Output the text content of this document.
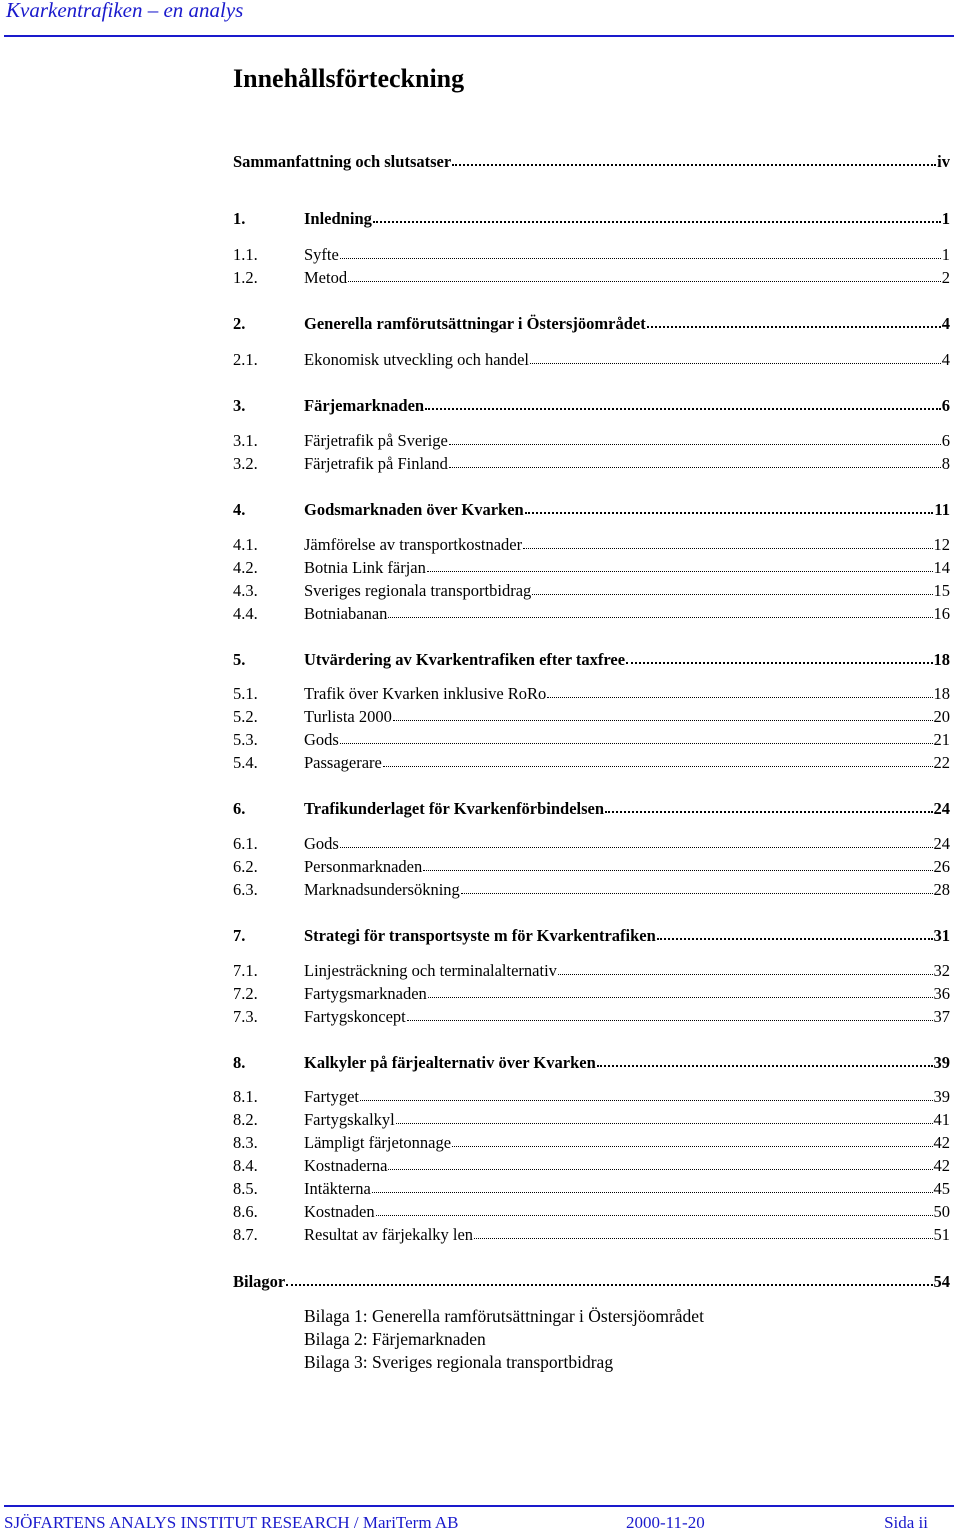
Kvarkentrafiken – en analys
Innehållsförteckning
Sammanfattning och slutsatser	iv
1.	Inledning	1
1.1.	Syfte	1
1.2.	Metod	2
2.	Generella ramförutsättningar i Östersjöområdet	4
2.1.	Ekonomisk utveckling och handel	4
3.	Färjemarknaden	6
3.1.	Färjetrafik på Sverige	6
3.2.	Färjetrafik på Finland	8
4.	Godsmarknaden över Kvarken	11
4.1.	Jämförelse av transportkostnader	12
4.2.	Botnia Link färjan	14
4.3.	Sveriges regionala transportbidrag	15
4.4.	Botniabanan	16
5.	Utvärdering av Kvarkentrafiken efter taxfree	18
5.1.	Trafik över Kvarken inklusive RoRo	18
5.2.	Turlista 2000	20
5.3.	Gods	21
5.4.	Passagerare	22
6.	Trafikunderlaget för Kvarkenförbindelsen	24
6.1.	Gods	24
6.2.	Personmarknaden	26
6.3.	Marknadsundersökning	28
7.	Strategi för transportsyste m för Kvarkentrafiken	31
7.1.	Linjesträckning och terminalalternativ	32
7.2.	Fartygsmarknaden	36
7.3.	Fartygskoncept	37
8.	Kalkyler på färjealternativ över Kvarken	39
8.1.	Fartyget	39
8.2.	Fartygskalkyl	41
8.3.	Lämpligt färjetonnage	42
8.4.	Kostnaderna	42
8.5.	Intäkterna	45
8.6.	Kostnaden	50
8.7.	Resultat av färjekalky len	51
Bilagor	54
Bilaga 1: Generella ramförutsättningar i Östersjöområdet
Bilaga 2: Färjemarknaden
Bilaga 3: Sveriges regionala transportbidrag
SJÖFARTENS ANALYS INSTITUT RESEARCH / MariTerm AB	2000-11-20	Sida ii
